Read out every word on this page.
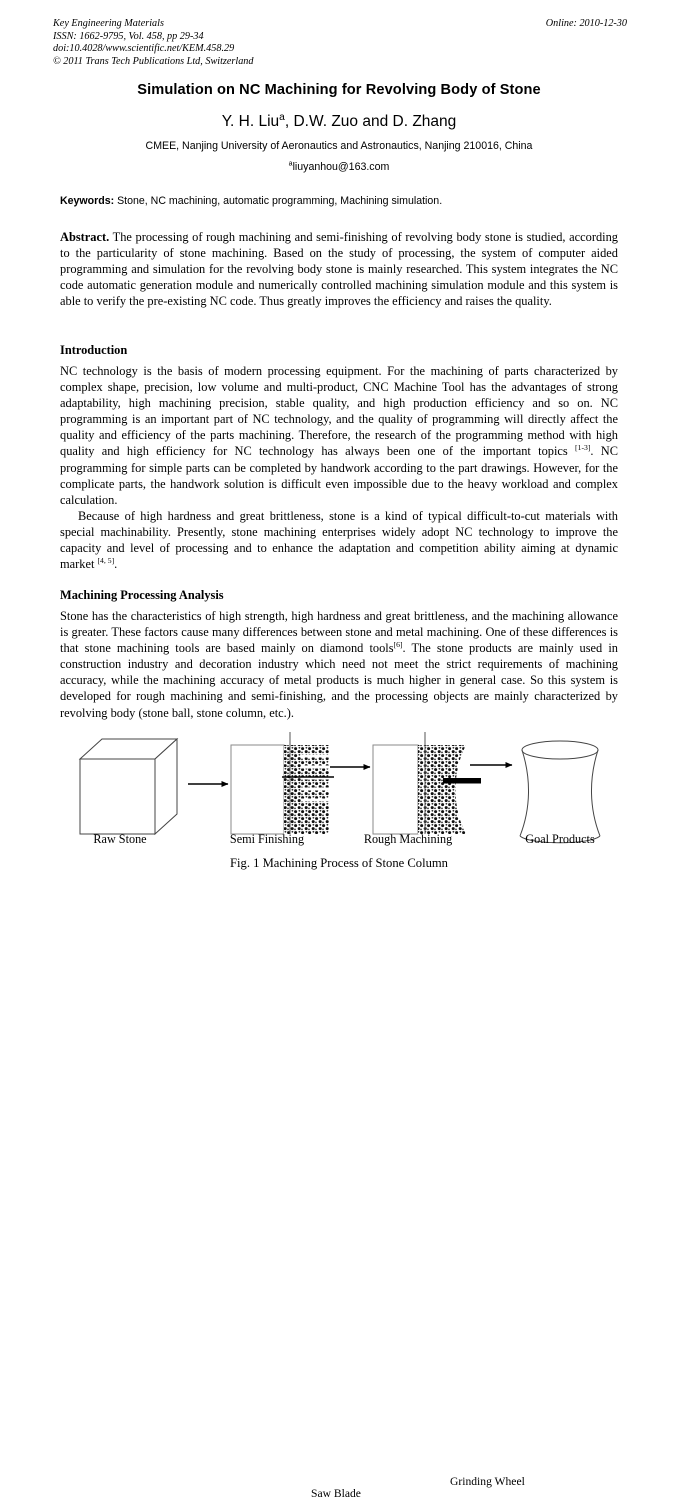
Key Engineering Materials	Online: 2010-12-30
ISSN: 1662-9795, Vol. 458, pp 29-34
doi:10.4028/www.scientific.net/KEM.458.29
© 2011 Trans Tech Publications Ltd, Switzerland
Simulation on NC Machining for Revolving Body of Stone
Y. H. Liu$^a$, D.W. Zuo and D. Zhang
CMEE, Nanjing University of Aeronautics and Astronautics, Nanjing 210016, China
$^a$liuyanhou@163.com
Keywords: Stone, NC machining, automatic programming, Machining simulation.
Abstract. The processing of rough machining and semi-finishing of revolving body stone is studied, according to the particularity of stone machining. Based on the study of processing, the system of computer aided programming and simulation for the revolving body stone is mainly researched. This system integrates the NC code automatic generation module and numerically controlled machining simulation module and this system is able to verify the pre-existing NC code. Thus greatly improves the efficiency and raises the quality.
Introduction
NC technology is the basis of modern processing equipment. For the machining of parts characterized by complex shape, precision, low volume and multi-product, CNC Machine Tool has the advantages of strong adaptability, high machining precision, stable quality, and high production efficiency and so on. NC programming is an important part of NC technology, and the quality of programming will directly affect the quality and efficiency of the parts machining. Therefore, the research of the programming method with high quality and high efficiency for NC technology has always been one of the important topics [1-3]. NC programming for simple parts can be completed by handwork according to the part drawings. However, for the complicate parts, the handwork solution is difficult even impossible due to the heavy workload and complex calculation.
Because of high hardness and great brittleness, stone is a kind of typical difficult-to-cut materials with special machinability. Presently, stone machining enterprises widely adopt NC technology to improve the capacity and level of processing and to enhance the adaptation and competition ability aiming at dynamic market [4, 5].
Machining Processing Analysis
Stone has the characteristics of high strength, high hardness and great brittleness, and the machining allowance is greater. These factors cause many differences between stone and metal machining. One of these differences is that stone machining tools are based mainly on diamond tools[6]. The stone products are mainly used in construction industry and decoration industry which need not meet the strict requirements of machining accuracy, while the machining accuracy of metal products is much higher in general case. So this system is developed for rough machining and semi-finishing, and the processing objects are mainly characterized by revolving body (stone ball, stone column, etc.).
Saw Blade
Grinding Wheel
Raw Stone	Semi Finishing	Rough Machining	Goal Products
Fig. 1 Machining Process of Stone Column
